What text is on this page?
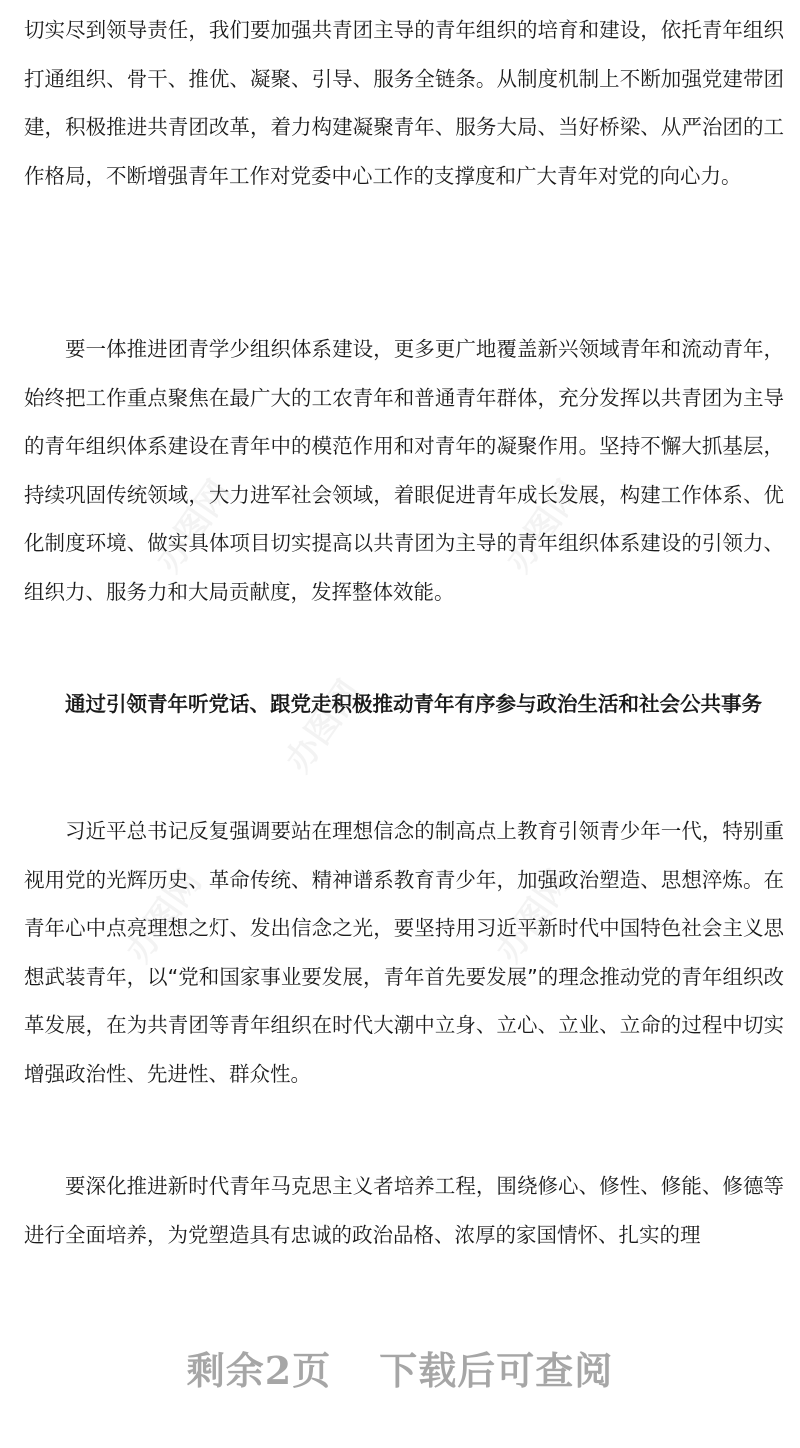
办图网	办图网
办图网
办图网	办图网

切实尽到领导责任，我们要加强共青团主导的青年组织的培育和建设，依托青年组织打通组织、骨干、推优、凝聚、引导、服务全链条。从制度机制上不断加强党建带团建，积极推进共青团改革，着力构建凝聚青年、服务大局、当好桥梁、从严治团的工作格局，不断增强青年工作对党委中心工作的支撑度和广大青年对党的向心力。

要一体推进团青学少组织体系建设，更多更广地覆盖新兴领域青年和流动青年，始终把工作重点聚焦在最广大的工农青年和普通青年群体，充分发挥以共青团为主导的青年组织体系建设在青年中的模范作用和对青年的凝聚作用。坚持不懈大抓基层，持续巩固传统领域，大力进军社会领域，着眼促进青年成长发展，构建工作体系、优化制度环境、做实具体项目切实提高以共青团为主导的青年组织体系建设的引领力、组织力、服务力和大局贡献度，发挥整体效能。

通过引领青年听党话、跟党走积极推动青年有序参与政治生活和社会公共事务

习近平总书记反复强调要站在理想信念的制高点上教育引领青少年一代，特别重视用党的光辉历史、革命传统、精神谱系教育青少年，加强政治塑造、思想淬炼。在青年心中点亮理想之灯、发出信念之光，要坚持用习近平新时代中国特色社会主义思想武装青年，以“党和国家事业要发展，青年首先要发展”的理念推动党的青年组织改革发展，在为共青团等青年组织在时代大潮中立身、立心、立业、立命的过程中切实增强政治性、先进性、群众性。

要深化推进新时代青年马克思主义者培养工程，围绕修心、修性、修能、修德等进行全面培养，为党塑造具有忠诚的政治品格、浓厚的家国情怀、扎实的理

剩余2页 下载后可查阅
